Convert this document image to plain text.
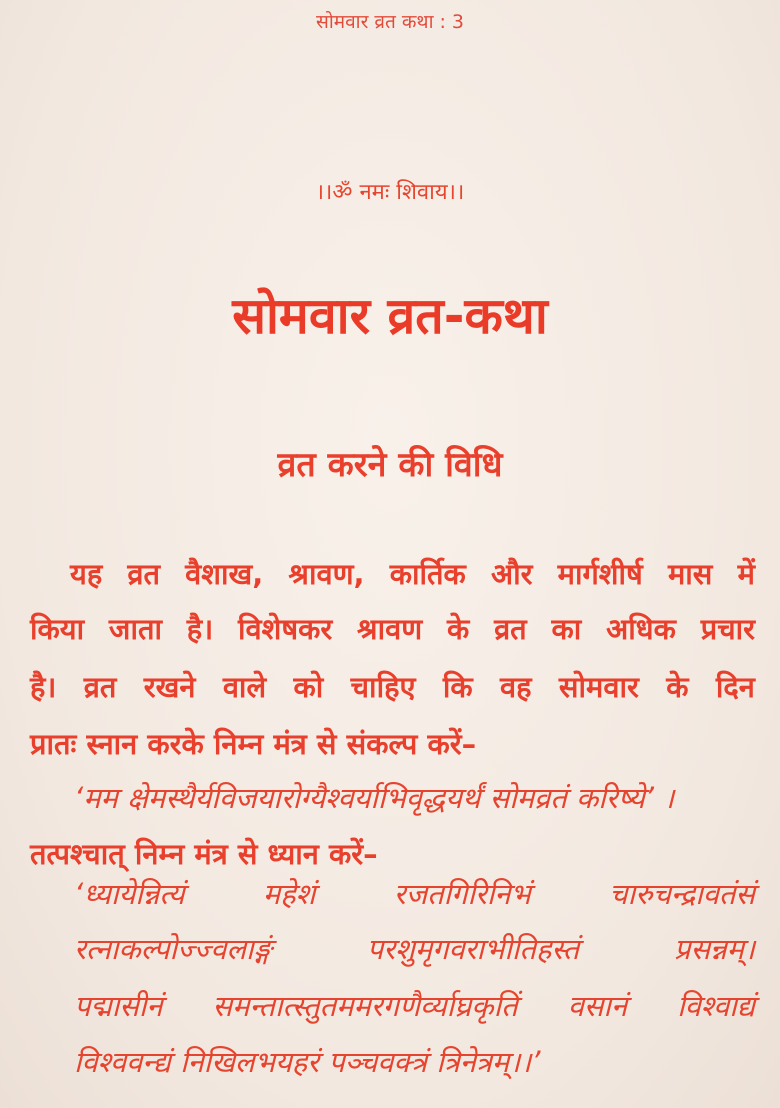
सोमवार व्रत कथा : 3
।।ॐ नमः शिवाय।।
सोमवार व्रत-कथा
व्रत करने की विधि
यह व्रत वैशाख, श्रावण, कार्तिक और मार्गशीर्ष मास में
किया जाता है। विशेषकर श्रावण के व्रत का अधिक प्रचार
है। व्रत रखने वाले को चाहिए कि वह सोमवार के दिन
प्रातः स्नान करके निम्न मंत्र से संकल्प करें–
‘मम क्षेमस्थैर्यविजयारोग्यैश्वर्याभिवृद्धयर्थं सोमव्रतं करिष्ये’ ।
तत्पश्चात् निम्न मंत्र से ध्यान करें–
‘ध्यायेन्नित्यं	महेशं	रजतगिरिनिभं	चारुचन्द्रावतंसं
रत्नाकल्पोज्ज्वलाङ्गं	परशुमृगवराभीतिहस्तं	प्रसन्नम्।
पद्मासीनं समन्तात्स्तुतममरगणैर्व्याघ्रकृतिं वसानं विश्वाद्यं
विश्ववन्द्यं निखिलभयहरं पञ्चवक्त्रं त्रिनेत्रम्।।’
